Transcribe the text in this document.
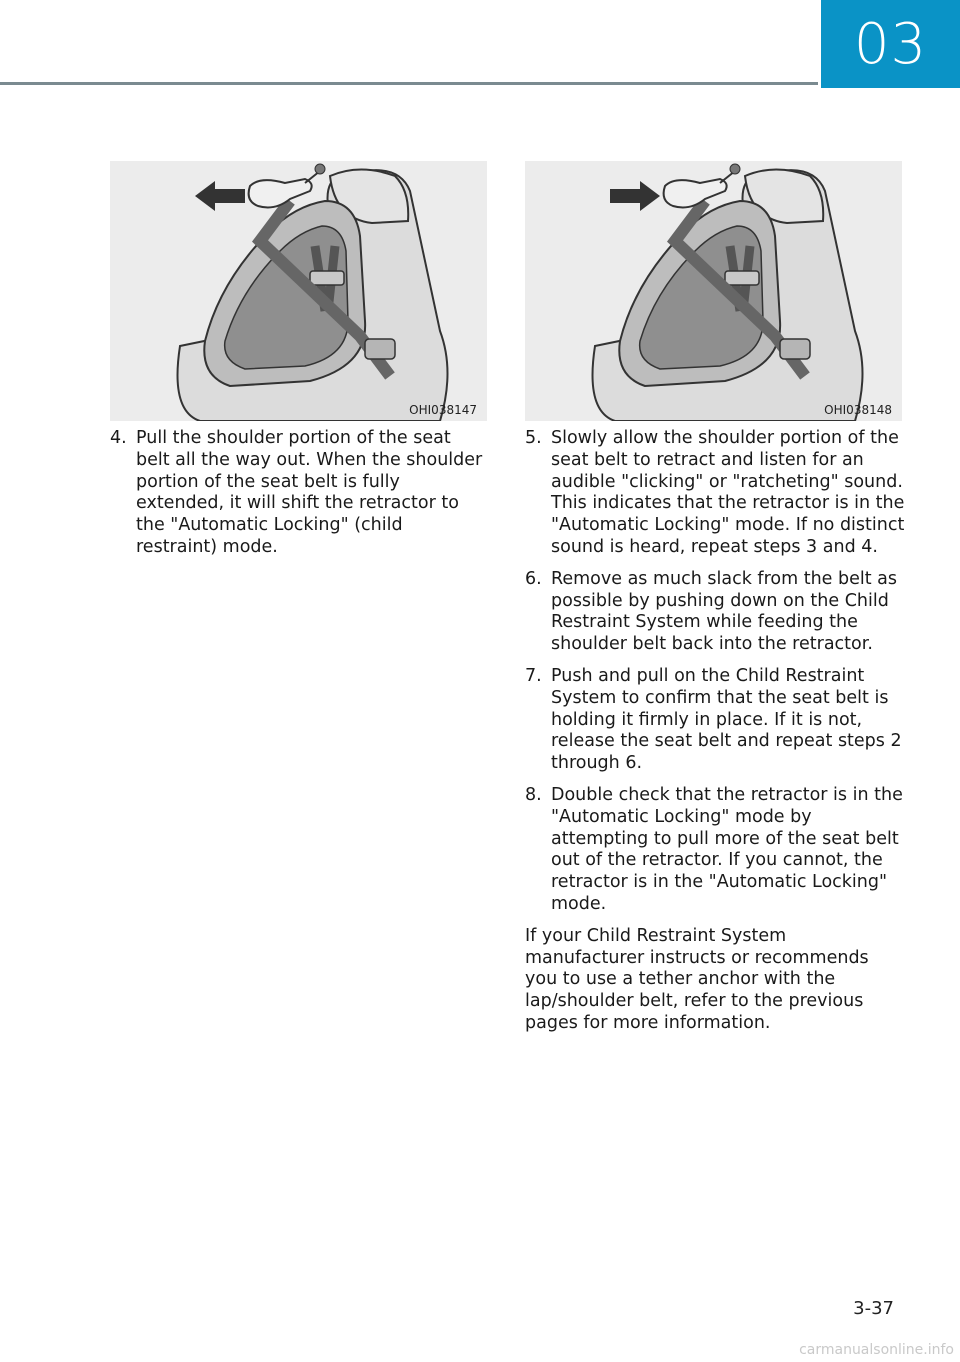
03
OHI038147	OHI038148
4. Pull the shoulder portion of the seat belt all the way out. When the shoulder portion of the seat belt is fully extended, it will shift the retractor to the "Automatic Locking" (child restraint) mode.
5. Slowly allow the shoulder portion of the seat belt to retract and listen for an audible "clicking" or "ratcheting" sound. This indicates that the retractor is in the "Automatic Locking" mode. If no distinct sound is heard, repeat steps 3 and 4.
6. Remove as much slack from the belt as possible by pushing down on the Child Restraint System while feeding the shoulder belt back into the retractor.
7. Push and pull on the Child Restraint System to confirm that the seat belt is holding it firmly in place. If it is not, release the seat belt and repeat steps 2 through 6.
8. Double check that the retractor is in the "Automatic Locking" mode by attempting to pull more of the seat belt out of the retractor. If you cannot, the retractor is in the "Automatic Locking" mode.

If your Child Restraint System manufacturer instructs or recommends you to use a tether anchor with the lap/shoulder belt, refer to the previous pages for more information.

3-37
carmanualsonline.info
